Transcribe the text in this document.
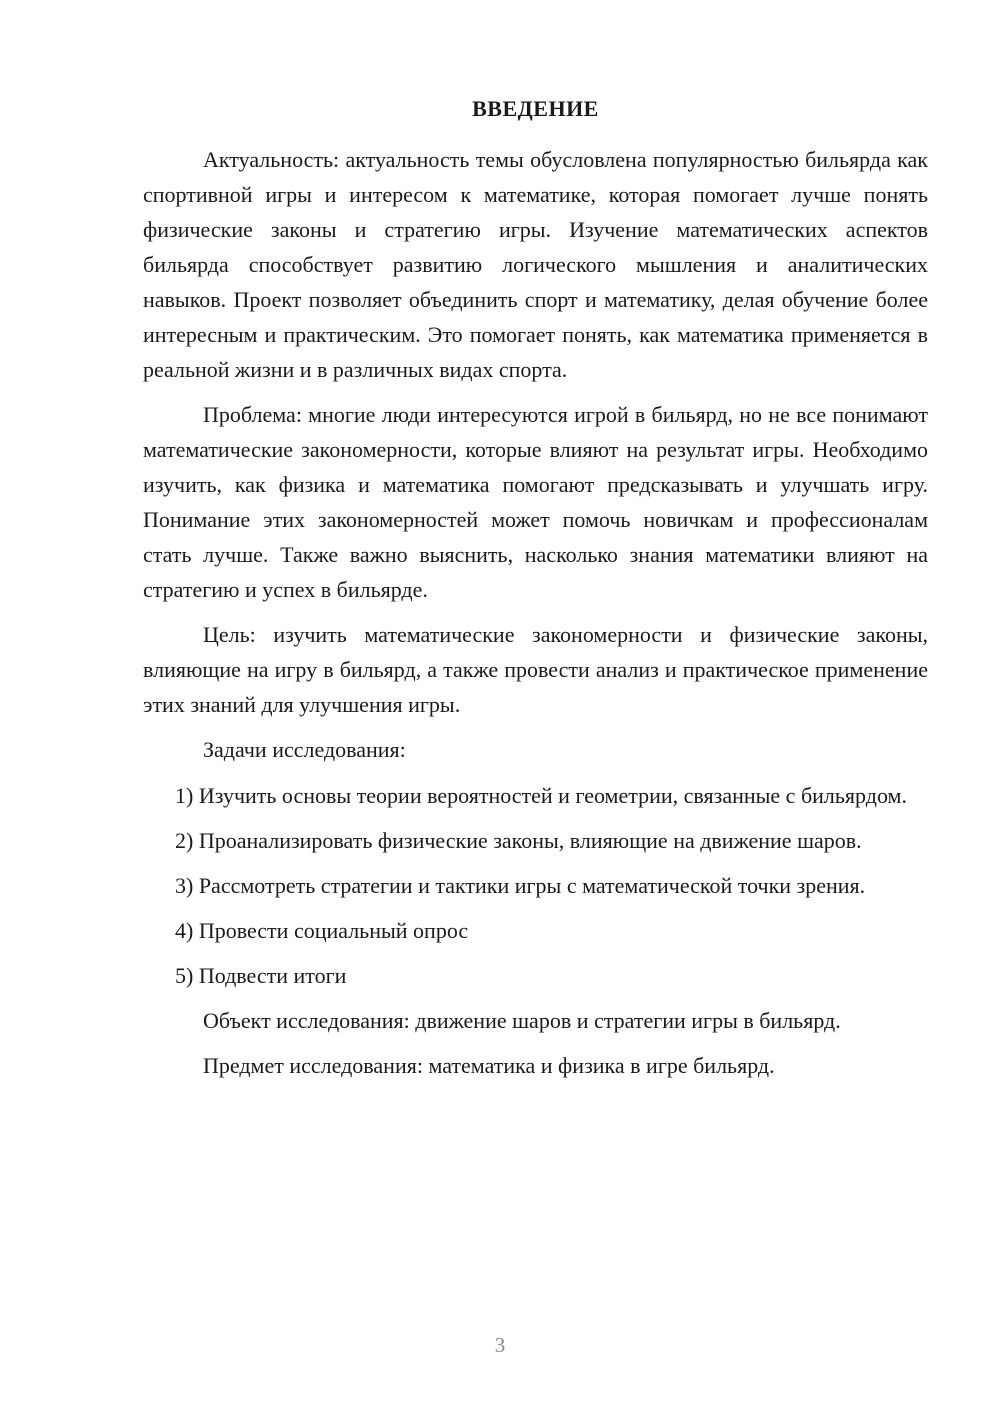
ВВЕДЕНИЕ

Актуальность: актуальность темы обусловлена популярностью бильярда как спортивной игры и интересом к математике, которая помогает лучше понять физические законы и стратегию игры. Изучение математических аспектов бильярда способствует развитию логического мышления и аналитических навыков. Проект позволяет объединить спорт и математику, делая обучение более интересным и практическим. Это помогает понять, как математика применяется в реальной жизни и в различных видах спорта.

Проблема: многие люди интересуются игрой в бильярд, но не все понимают математические закономерности, которые влияют на результат игры. Необходимо изучить, как физика и математика помогают предсказывать и улучшать игру. Понимание этих закономерностей может помочь новичкам и профессионалам стать лучше. Также важно выяснить, насколько знания математики влияют на стратегию и успех в бильярде.

Цель: изучить математические закономерности и физические законы, влияющие на игру в бильярд, а также провести анализ и практическое применение этих знаний для улучшения игры.

Задачи исследования:

1) Изучить основы теории вероятностей и геометрии, связанные с бильярдом.

2) Проанализировать физические законы, влияющие на движение шаров.

3) Рассмотреть стратегии и тактики игры с математической точки зрения.

4) Провести социальный опрос

5) Подвести итоги

Объект исследования: движение шаров и стратегии игры в бильярд.

Предмет исследования: математика и физика в игре бильярд.

3
